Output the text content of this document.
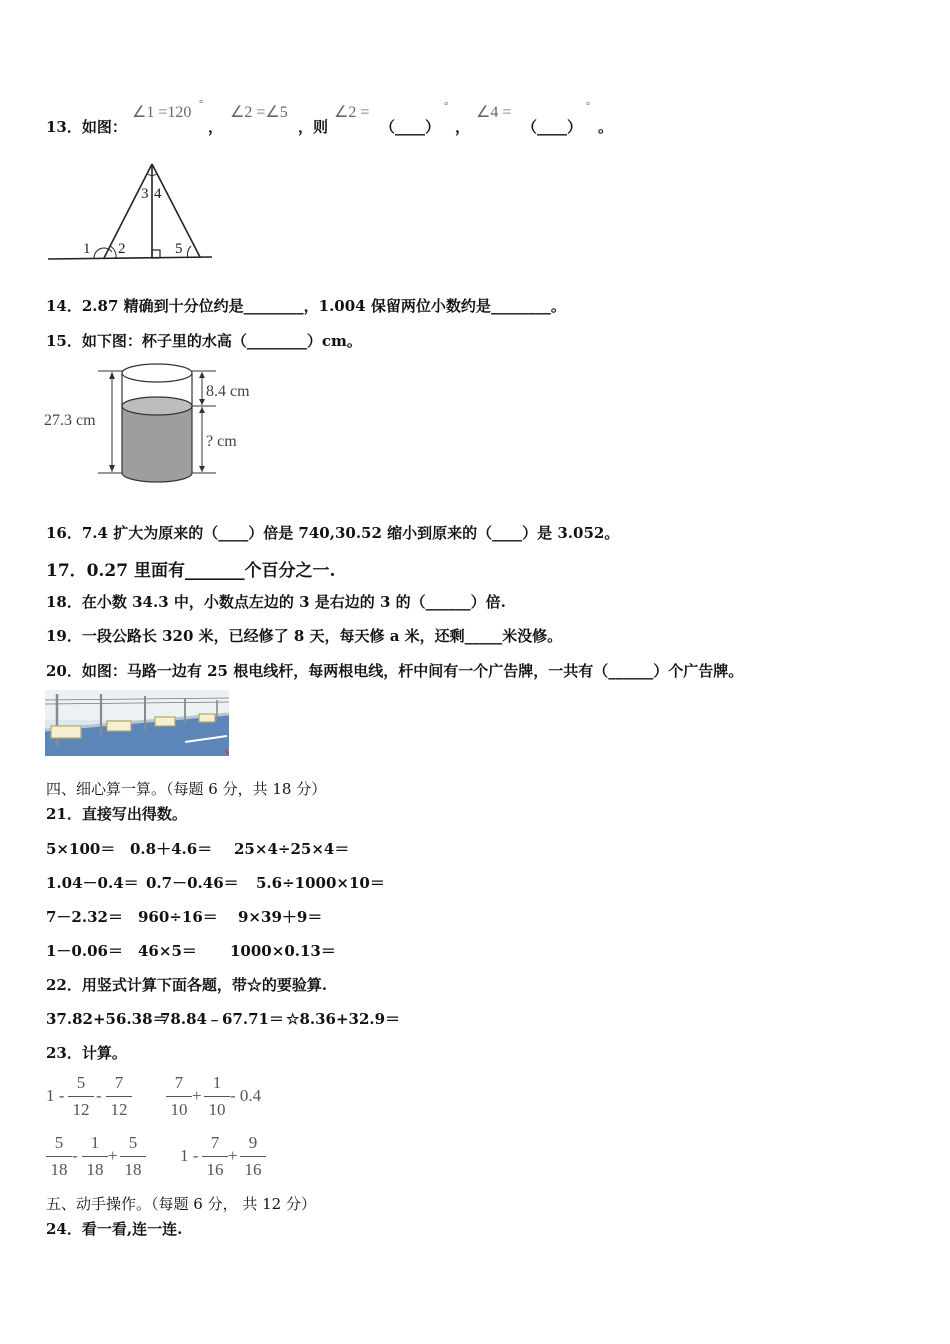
13．如图：
∠1 =120 °
，
∠2 =∠5
，则
∠2 =
（____）
°
，
∠4 =
（____）
°
。
1 2
3 4
5
14．2.87 精确到十分位约是________，1.004 保留两位小数约是________。
15．如下图：杯子里的水高（________）cm。
27.3 cm
8.4 cm
? cm
16．7.4 扩大为原来的（____）倍是 740,30.52 缩小到原来的（____）是 3.052。
17．0.27 里面有_______个百分之一.
18．在小数 34.3 中，小数点左边的 3 是右边的 3 的（______）倍.
19．一段公路长 320 米，已经修了 8 天，每天修 a 米，还剩_____米没修。
20．如图：马路一边有 25 根电线杆，每两根电线，杆中间有一个广告牌，一共有（______）个广告牌。
四、细心算一算。（每题 6 分，共 18 分）
21．直接写出得数。
5×100＝ 0.8＋4.6＝ 25×4÷25×4＝
1.04－0.4＝ 0.7－0.46＝ 5.6÷1000×10＝
7－2.32＝ 960÷16＝ 9×39＋9＝
1－0.06＝ 46×5＝ 1000×0.13＝
22．用竖式计算下面各题，带☆的要验算.
37.82+56.38＝
78.84﹣67.71＝ ☆8.36+32.9＝
23．计算。
1 -
5
12
-
7
12
7
10
+
1
10
- 0.4
5
18
-
1
18
+
5
18
1 -
7
16
+
9
16
五、动手操作。（每题 6 分， 共 12 分）
24．看一看,连一连.
